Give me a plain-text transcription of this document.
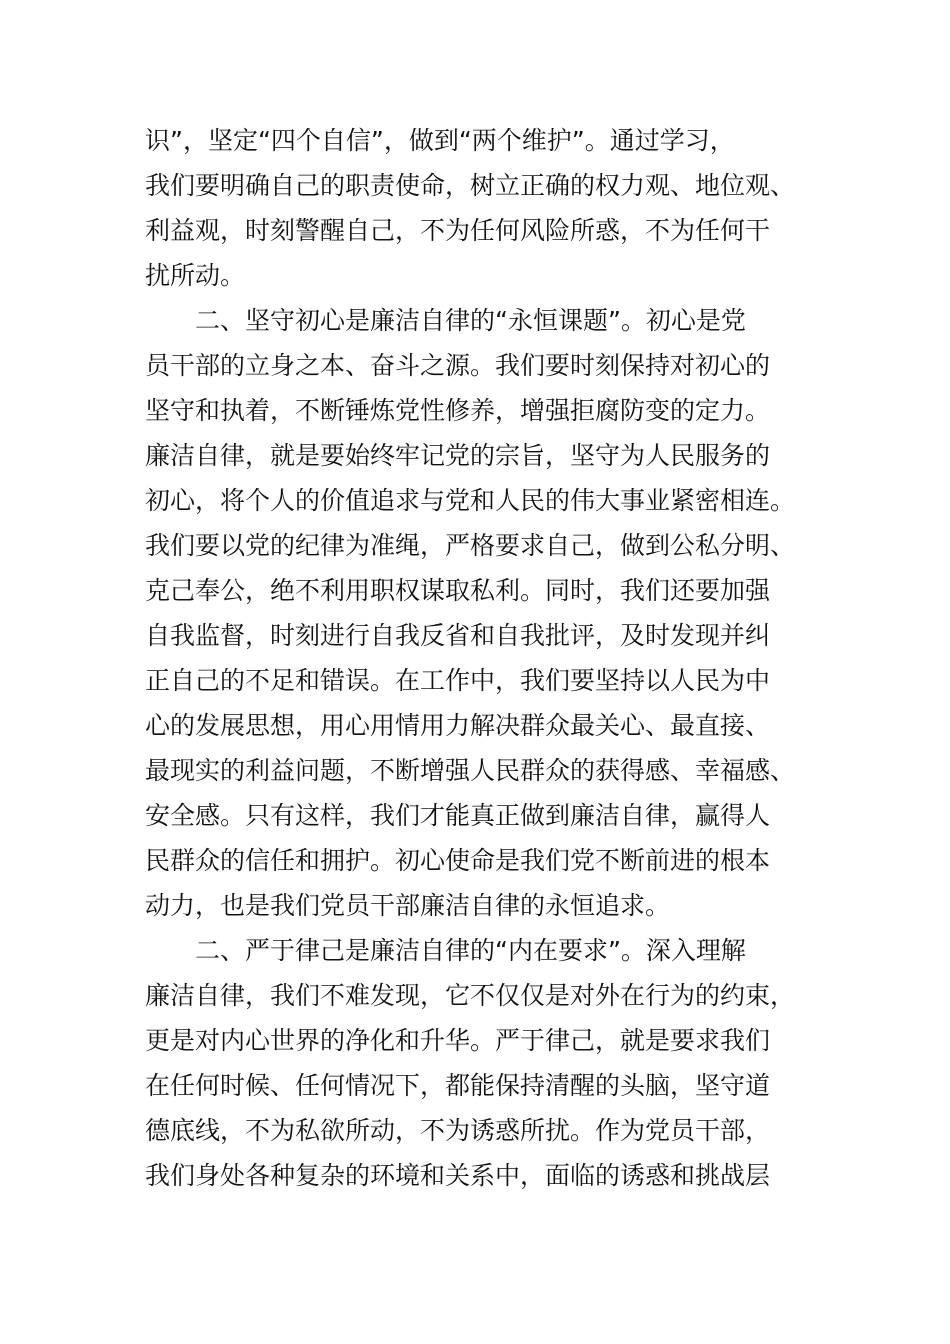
识”，坚定“四个自信”，做到“两个维护”。通过学习，
我们要明确自己的职责使命，树立正确的权力观、地位观、
利益观，时刻警醒自己，不为任何风险所惑，不为任何干
扰所动。
二、坚守初心是廉洁自律的“永恒课题”。初心是党
员干部的立身之本、奋斗之源。我们要时刻保持对初心的
坚守和执着，不断锤炼党性修养，增强拒腐防变的定力。
廉洁自律，就是要始终牢记党的宗旨，坚守为人民服务的
初心，将个人的价值追求与党和人民的伟大事业紧密相连。
我们要以党的纪律为准绳，严格要求自己，做到公私分明、
克己奉公，绝不利用职权谋取私利。同时，我们还要加强
自我监督，时刻进行自我反省和自我批评，及时发现并纠
正自己的不足和错误。在工作中，我们要坚持以人民为中
心的发展思想，用心用情用力解决群众最关心、最直接、
最现实的利益问题，不断增强人民群众的获得感、幸福感、
安全感。只有这样，我们才能真正做到廉洁自律，赢得人
民群众的信任和拥护。初心使命是我们党不断前进的根本
动力，也是我们党员干部廉洁自律的永恒追求。
二、严于律己是廉洁自律的“内在要求”。深入理解
廉洁自律，我们不难发现，它不仅仅是对外在行为的约束，
更是对内心世界的净化和升华。严于律己，就是要求我们
在任何时候、任何情况下，都能保持清醒的头脑，坚守道
德底线，不为私欲所动，不为诱惑所扰。作为党员干部，
我们身处各种复杂的环境和关系中，面临的诱惑和挑战层
